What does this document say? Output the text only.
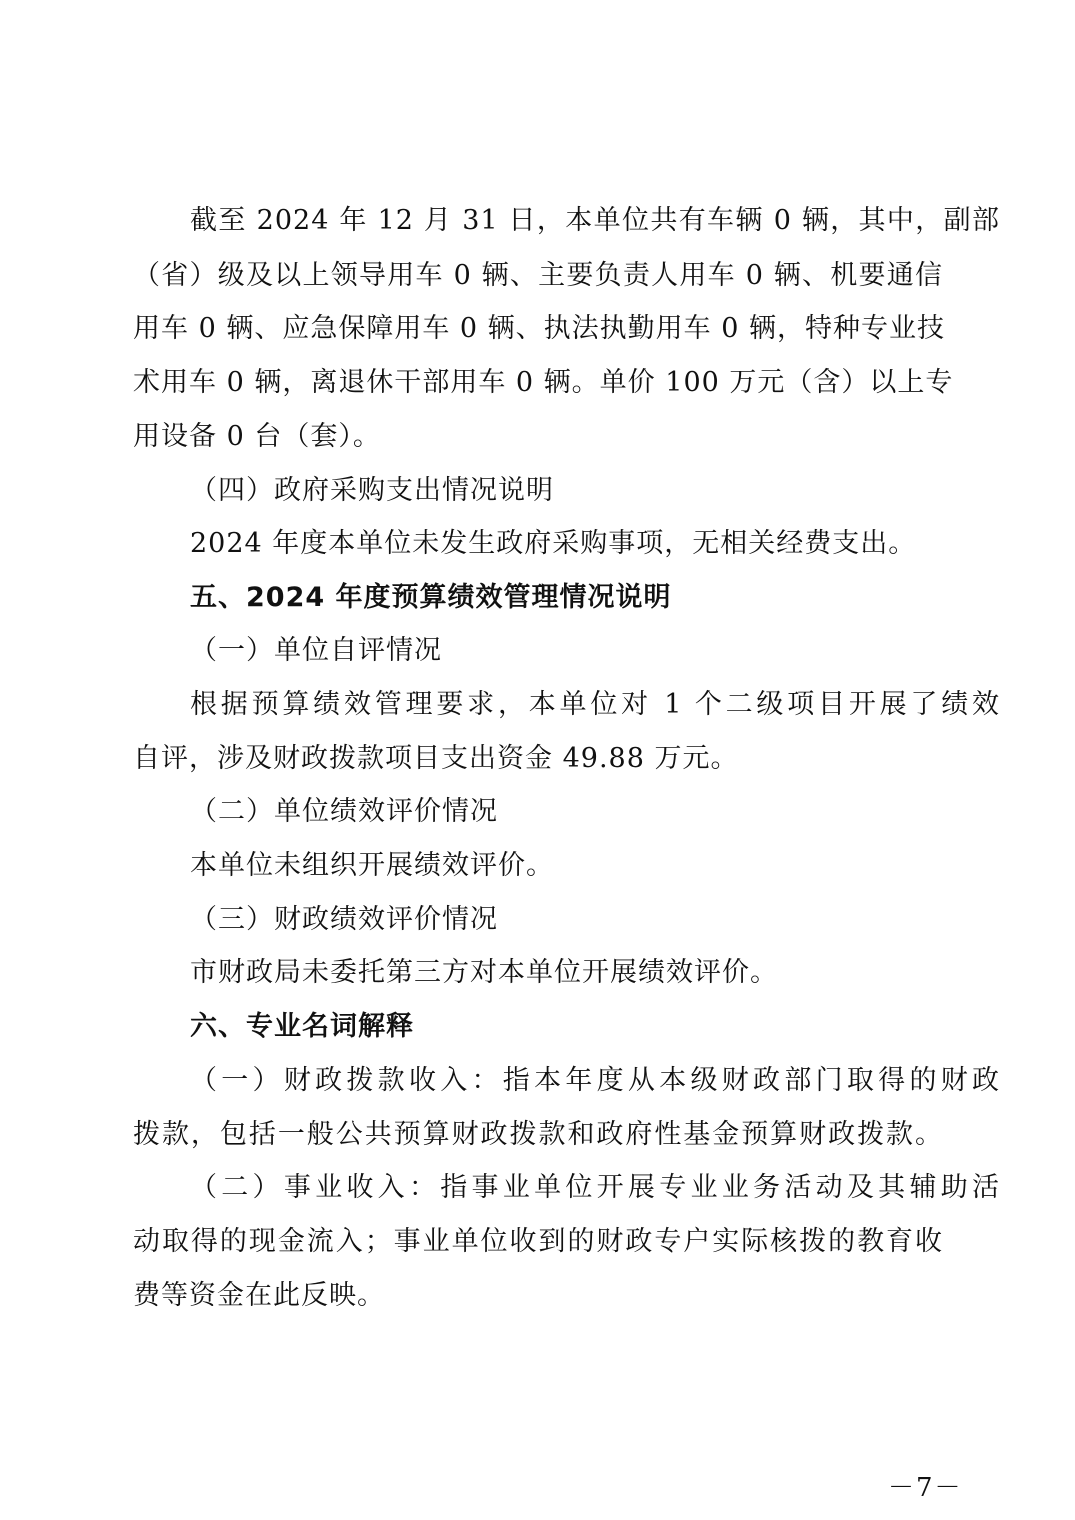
截至 2024 年 12 月 31 日，本单位共有车辆 0 辆，其中，副部
（省）级及以上领导用车 0 辆、主要负责人用车 0 辆、机要通信
用车 0 辆、应急保障用车 0 辆、执法执勤用车 0 辆，特种专业技
术用车 0 辆，离退休干部用车 0 辆。单价 100 万元（含）以上专
用设备 0 台（套）。
（四）政府采购支出情况说明
2024 年度本单位未发生政府采购事项，无相关经费支出。
五、2024 年度预算绩效管理情况说明
（一）单位自评情况
根据预算绩效管理要求，本单位对 1 个二级项目开展了绩效
自评，涉及财政拨款项目支出资金 49.88 万元。
（二）单位绩效评价情况
本单位未组织开展绩效评价。
（三）财政绩效评价情况
市财政局未委托第三方对本单位开展绩效评价。
六、专业名词解释
（一）财政拨款收入：指本年度从本级财政部门取得的财政
拨款，包括一般公共预算财政拨款和政府性基金预算财政拨款。
（二）事业收入：指事业单位开展专业业务活动及其辅助活
动取得的现金流入；事业单位收到的财政专户实际核拨的教育收
费等资金在此反映。
－7－
